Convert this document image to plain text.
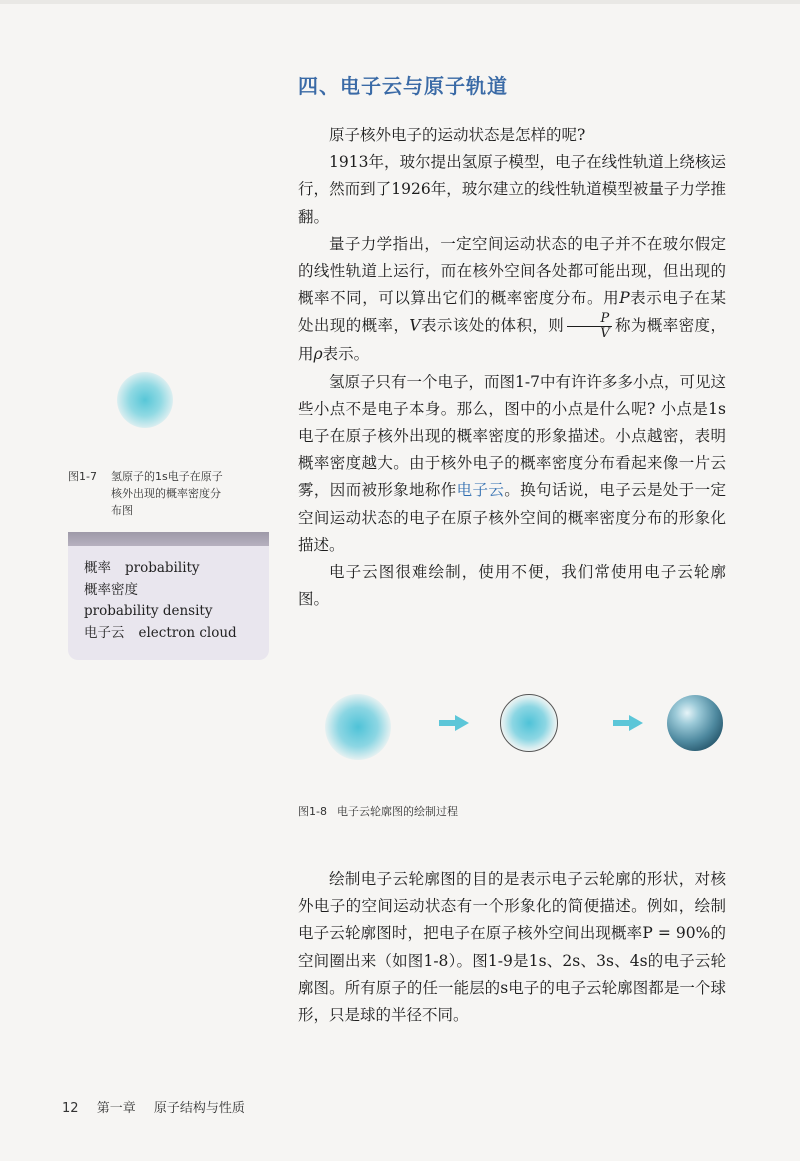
四、电子云与原子轨道

原子核外电子的运动状态是怎样的呢?

1913年，玻尔提出氢原子模型，电子在线性轨道上绕核运行，然而到了1926年，玻尔建立的线性轨道模型被量子力学推翻。

量子力学指出，一定空间运动状态的电子并不在玻尔假定的线性轨道上运行，而在核外空间各处都可能出现，但出现的概率不同，可以算出它们的概率密度分布。用P表示电子在某处出现的概率，V表示该处的体积，则 $\frac{P}{V}$ 称为概率密度，用ρ表示。

氢原子只有一个电子，而图1-7中有许许多多小点，可见这些小点不是电子本身。那么，图中的小点是什么呢? 小点是1s电子在原子核外出现的概率密度的形象描述。小点越密，表明概率密度越大。由于核外电子的概率密度分布看起来像一片云雾，因而被形象地称作电子云。换句话说，电子云是处于一定空间运动状态的电子在原子核外空间的概率密度分布的形象化描述。

电子云图很难绘制，使用不便，我们常使用电子云轮廓图。

图1-7 氢原子的1s电子在原子核外出现的概率密度分布图
概率 probability
概率密度
probability density
电子云 electron cloud
图1-8 电子云轮廓图的绘制过程

绘制电子云轮廓图的目的是表示电子云轮廓的形状，对核外电子的空间运动状态有一个形象化的简便描述。例如，绘制电子云轮廓图时，把电子在原子核外空间出现概率P = 90%的空间圈出来（如图1-8）。图1-9是1s、2s、3s、4s的电子云轮廓图。所有原子的任一能层的s电子的电子云轮廓图都是一个球形，只是球的半径不同。

12 第一章 原子结构与性质
